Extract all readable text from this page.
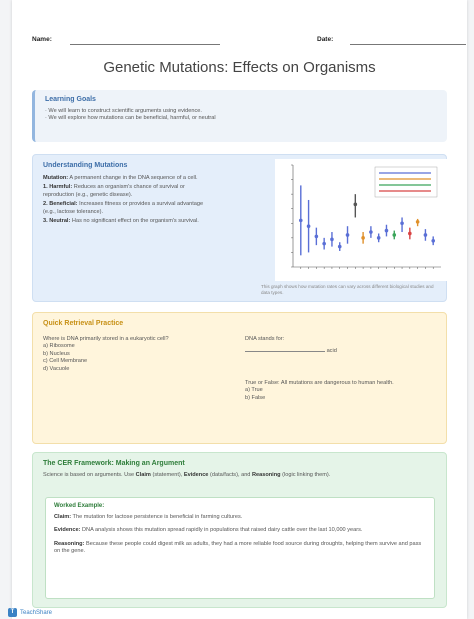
Name:	Date:
Genetic Mutations: Effects on Organisms
Learning Goals
· We will learn to construct scientific arguments using evidence.
· We will explore how mutations can be beneficial, harmful, or neutral
Understanding Mutations

Mutation: A permanent change in the DNA sequence of a cell.

1. Harmful: Reduces an organism's chance of survival or reproduction (e.g., genetic disease).

2. Beneficial: Increases fitness or provides a survival advantage (e.g., lactose tolerance).

3. Neutral: Has no significant effect on the organism's survival.

This graph shows how mutation rates can vary across different biological studies and data types.
Quick Retrieval Practice
Where is DNA primarily stored in a eukaryotic cell?
a) Ribosome
b) Nucleus
c) Cell Membrane
d) Vacuole
DNA stands for:
acid
True or False: All mutations are dangerous to human health.
a) True
b) False
The CER Framework: Making an Argument
Science is based on arguments. Use Claim (statement), Evidence (data/facts), and Reasoning (logic linking them).
Worked Example:

Claim: The mutation for lactose persistence is beneficial in farming cultures.

Evidence: DNA analysis shows this mutation spread rapidly in populations that raised dairy cattle over the last 10,000 years.

Reasoning: Because these people could digest milk as adults, they had a more reliable food source during droughts, helping them survive and pass on the gene.

T TeachShare
